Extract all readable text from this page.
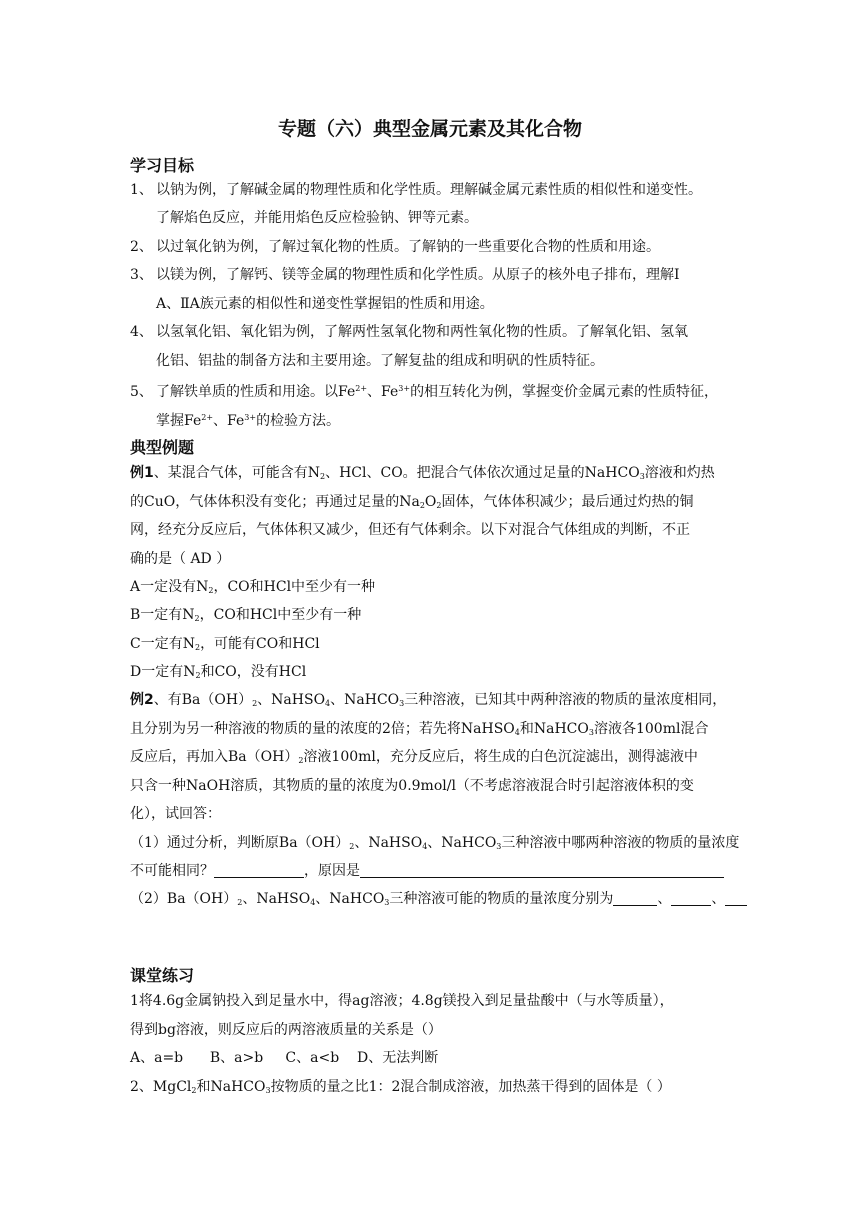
专题（六）典型金属元素及其化合物
学习目标
1、 以钠为例，了解碱金属的物理性质和化学性质。理解碱金属元素性质的相似性和递变性。
了解焰色反应，并能用焰色反应检验钠、钾等元素。
2、 以过氧化钠为例，了解过氧化物的性质。了解钠的一些重要化合物的性质和用途。
3、 以镁为例，了解钙、镁等金属的物理性质和化学性质。从原子的核外电子排布，理解Ⅰ
A、ⅡA族元素的相似性和递变性掌握铝的性质和用途。
4、 以氢氧化铝、氧化铝为例，了解两性氢氧化物和两性氧化物的性质。了解氧化铝、氢氧
化铝、铝盐的制备方法和主要用途。了解复盐的组成和明矾的性质特征。
5、 了解铁单质的性质和用途。以$Fe^{2+}$、$Fe^{3+}$的相互转化为例，掌握变价金属元素的性质特征，
掌握$Fe^{2+}$、$Fe^{3+}$的检验方法。
典型例题
例1、某混合气体，可能含有$N_2$、HCl、CO。把混合气体依次通过足量的NaHCO$_3$溶液和灼热
的CuO，气体体积没有变化；再通过足量的$Na_2O_2$固体，气体体积减少；最后通过灼热的铜
网，经充分反应后，气体体积又减少，但还有气体剩余。以下对混合气体组成的判断，不正
确的是（ AD ）
A一定没有$N_2$，CO和HCl中至少有一种
B一定有$N_2$，CO和HCl中至少有一种
C一定有$N_2$，可能有CO和HCl
D一定有$N_2$和CO，没有HCl
例2、有$Ba(OH)_2$、NaHSO$_4$、NaHCO$_3$三种溶液，已知其中两种溶液的物质的量浓度相同，
且分别为另一种溶液的物质的量的浓度的2倍；若先将NaHSO$_4$和NaHCO$_3$溶液各100ml混合
反应后，再加入$Ba(OH)_2$溶液100ml，充分反应后，将生成的白色沉淀滤出，测得滤液中
只含一种NaOH溶质，其物质的量的浓度为0.9mol/l（不考虑溶液混合时引起溶液体积的变
化），试回答：
（1）通过分析，判断原$Ba(OH)_2$、NaHSO$_4$、NaHCO$_3$三种溶液中哪两种溶液的物质的量浓度
不可能相同？	，原因是
$(2)Ba(OH)_2$、NaHSO$_4$、NaHCO$_3$三种溶液可能的物质的量浓度分别为	、	、
课堂练习
1将4.6g金属钠投入到足量水中，得ag溶液；4.8g镁投入到足量盐酸中（与水等质量），
得到bg溶液，则反应后的两溶液质量的关系是（）
A、a=b      B、a>b     C、a<b    D、无法判断
2、MgCl$_2$和NaHCO$_3$按物质的量之比1：2混合制成溶液，加热蒸干得到的固体是（ ）
